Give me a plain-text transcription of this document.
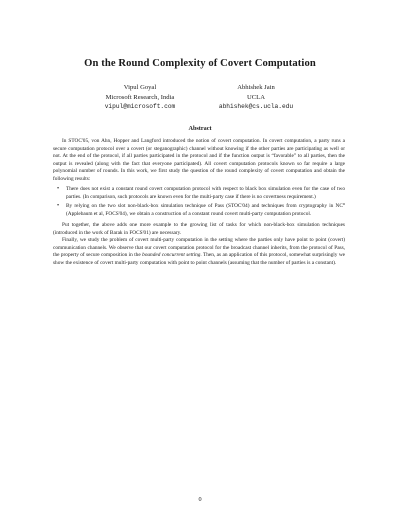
On the Round Complexity of Covert Computation
Vipul Goyal
Microsoft Research, India
vipul@microsoft.com
Abhishek Jain
UCLA
abhishek@cs.ucla.edu
Abstract

In STOC'05, von Ahn, Hopper and Langford introduced the notion of covert computation. In covert computation, a party runs a secure computation protocol over a covert (or steganographic) channel without knowing if the other parties are participating as well or not. At the end of the protocol, if all parties participated in the protocol and if the function output is “favorable” to all parties, then the output is revealed (along with the fact that everyone participated). All covert computation protocols known so far require a large polynomial number of rounds. In this work, we first study the question of the round complexity of covert computation and obtain the following results:

• There does not exist a constant round covert computation protocol with respect to black box simulation even for the case of two parties. (In comparison, such protocols are known even for the multi-party case if there is no covertness requirement.)
• By relying on the two slot non-black-box simulation technique of Pass (STOC'04) and techniques from cryptography in NC⁰ (Applebaum et al, FOCS'04), we obtain a construction of a constant round covert multi-party computation protocol.

Put together, the above adds one more example to the growing list of tasks for which non-black-box simulation techniques (introduced in the work of Barak in FOCS'01) are necessary.

Finally, we study the problem of covert multi-party computation in the setting where the parties only have point to point (covert) communication channels. We observe that our covert computation protocol for the broadcast channel inherits, from the protocol of Pass, the property of secure composition in the bounded concurrent setting. Then, as an application of this protocol, somewhat surprisingly we show the existence of covert multi-party computation with point to point channels (assuming that the number of parties is a constant).

0
